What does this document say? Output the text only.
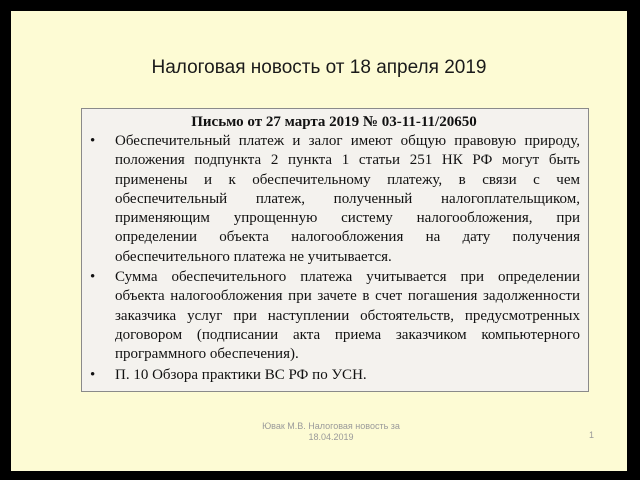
Налоговая новость от 18 апреля 2019
Письмо от 27 марта 2019 № 03-11-11/20650
• Обеспечительный платеж и залог имеют общую правовую природу, положения подпункта 2 пункта 1 статьи 251 НК РФ могут быть применены и к обеспечительному платежу, в связи с чем обеспечительный платеж, полученный налогоплательщиком, применяющим упрощенную систему налогообложения, при определении объекта налогообложения на дату получения обеспечительного платежа не учитывается.
• Сумма обеспечительного платежа учитывается при определении объекта налогообложения при зачете в счет погашения задолженности заказчика услуг при наступлении обстоятельств, предусмотренных договором (подписании акта приема заказчиком компьютерного программного обеспечения).
• П. 10 Обзора практики ВС РФ по УСН.
Ювак М.В. Налоговая новость за
18.04.2019	1
